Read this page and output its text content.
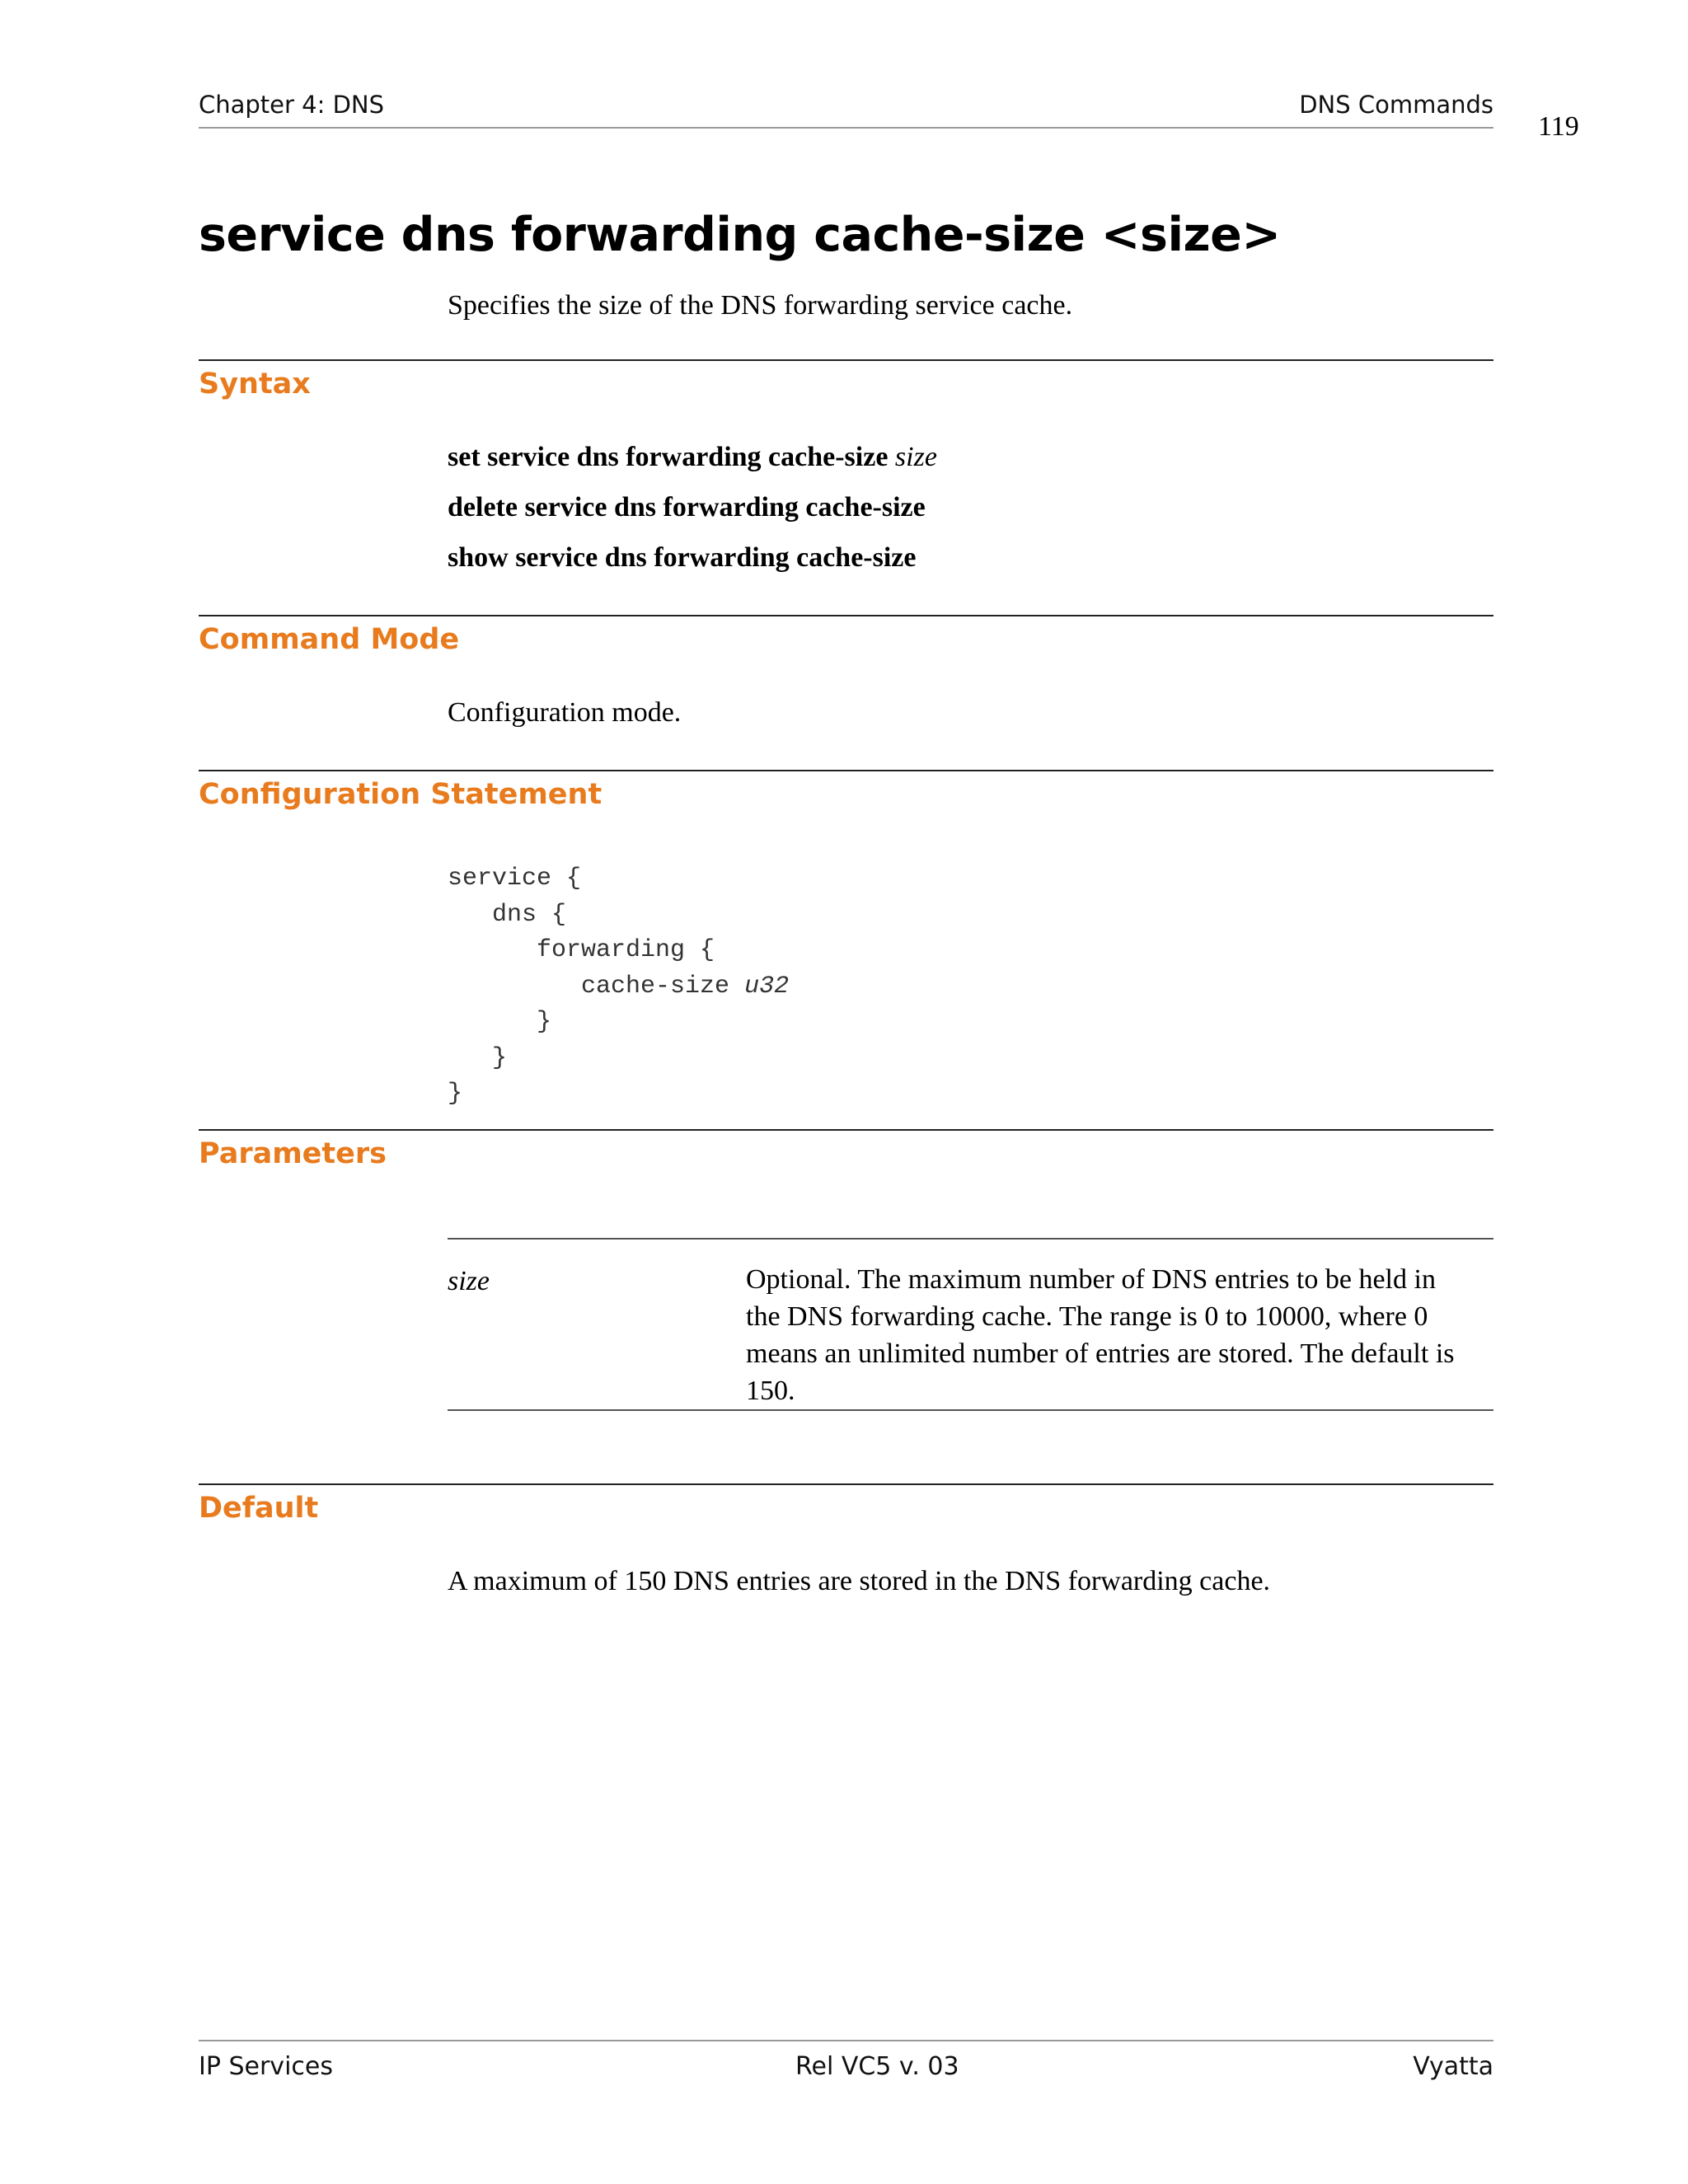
Chapter 4: DNS	DNS Commands
119
service dns forwarding cache-size <size>
Specifies the size of the DNS forwarding service cache.
Syntax
set service dns forwarding cache-size size
delete service dns forwarding cache-size
show service dns forwarding cache-size
Command Mode
Configuration mode.
Configuration Statement
service {
dns {
forwarding {
cache-size u32
}
}
}
Parameters
size	Optional. The maximum number of DNS entries to be held in the DNS forwarding cache. The range is 0 to 10000, where 0 means an unlimited number of entries are stored. The default is 150.
Default
A maximum of 150 DNS entries are stored in the DNS forwarding cache.
IP Services	Rel VC5 v. 03	Vyatta
